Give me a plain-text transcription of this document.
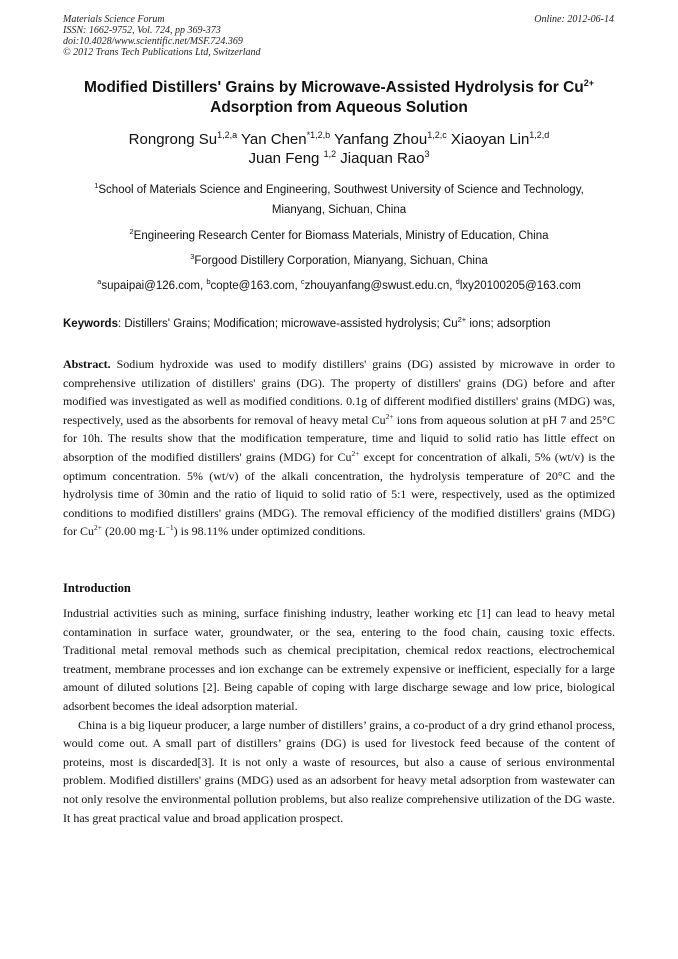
Materials Science Forum
ISSN: 1662-9752, Vol. 724, pp 369-373
doi:10.4028/www.scientific.net/MSF.724.369
© 2012 Trans Tech Publications Ltd, Switzerland
Online: 2012-06-14
Modified Distillers' Grains by Microwave-Assisted Hydrolysis for $Cu^{2+}$
Adsorption from Aqueous Solution
Rongrong Su$^{1,2,a}$ Yan Chen$^{*1,2,b}$ Yanfang Zhou$^{1,2,c}$ Xiaoyan Lin$^{1,2,d}$
Juan Feng $^{1,2}$ Jiaquan Rao$^3$
$^1$School of Materials Science and Engineering, Southwest University of Science and Technology,
Mianyang, Sichuan, China
$^2$Engineering Research Center for Biomass Materials, Ministry of Education, China
$^3$Forgood Distillery Corporation, Mianyang, Sichuan, China
$^a$supaipai@126.com, $^b$copte@163.com, $^c$zhouyanfang@swust.edu.cn, $^d$lxy20100205@163.com
Keywords: Distillers' Grains; Modification; microwave-assisted hydrolysis; $Cu^{2+}$ ions; adsorption

Abstract. Sodium hydroxide was used to modify distillers' grains (DG) assisted by microwave in order to comprehensive utilization of distillers' grains (DG). The property of distillers' grains (DG) before and after modified was investigated as well as modified conditions. 0.1g of different modified distillers' grains (MDG) was, respectively, used as the absorbents for removal of heavy metal $Cu^{2+}$ ions from aqueous solution at pH 7 and 25°C for 10h. The results show that the modification temperature, time and liquid to solid ratio has little effect on absorption of the modified distillers' grains (MDG) for $Cu^{2+}$ except for concentration of alkali, 5% (wt/v) is the optimum concentration. 5% (wt/v) of the alkali concentration, the hydrolysis temperature of 20°C and the hydrolysis time of 30min and the ratio of liquid to solid ratio of 5:1 were, respectively, used as the optimized conditions to modified distillers' grains (MDG). The removal efficiency of the modified distillers' grains (MDG) for $Cu^{2+}$ (20.00 $mg\cdot L^{-1}$) is 98.11% under optimized conditions.

Introduction

Industrial activities such as mining, surface finishing industry, leather working etc [1] can lead to heavy metal contamination in surface water, groundwater, or the sea, entering to the food chain, causing toxic effects. Traditional metal removal methods such as chemical precipitation, chemical redox reactions, electrochemical treatment, membrane processes and ion exchange can be extremely expensive or inefficient, especially for a large amount of diluted solutions [2]. Being capable of coping with large discharge sewage and low price, biological adsorbent becomes the ideal adsorption material.

China is a big liqueur producer, a large number of distillers’ grains, a co-product of a dry grind ethanol process, would come out. A small part of distillers’ grains (DG) is used for livestock feed because of the content of proteins, most is discarded[3]. It is not only a waste of resources, but also a cause of serious environmental problem. Modified distillers' grains (MDG) used as an adsorbent for heavy metal adsorption from wastewater can not only resolve the environmental pollution problems, but also realize comprehensive utilization of the DG waste. It has great practical value and broad application prospect.
